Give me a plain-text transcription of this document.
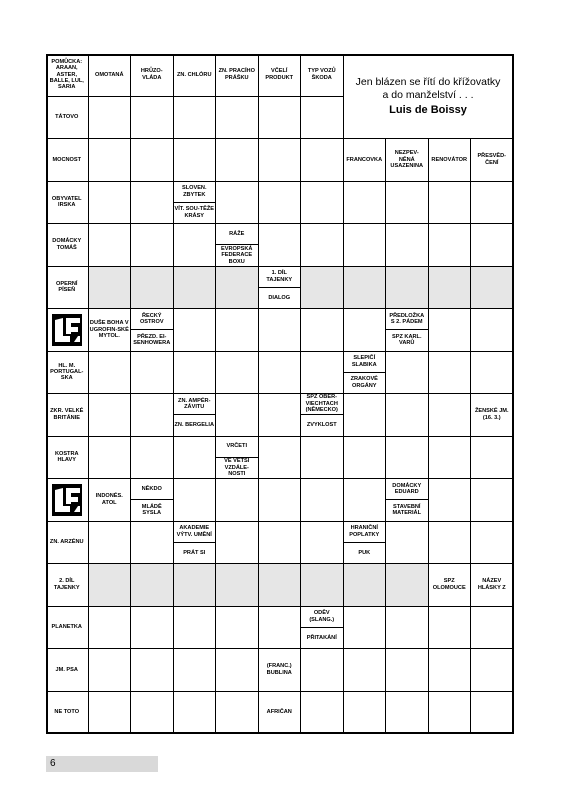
POMŮCKA: ARAAN, ASTER, BALLE, LUL, SARIA
OMOTANÁ
HRŮZO-VLÁDA
ZN. CHLÓRU
ZN. PRACÍHO PRÁŠKU
VČELÍ PRODUKT
TYP VOZŮ ŠKODA
TÁTOVO
MOCNOST	FRANCOVKA
NEZPEV-NĚNÁ USAZENINA
RENOVÁTOR
PŘESVĚD-ČENÍ
OBYVATEL IRSKA
SLOVEN. ZBYTEK
VÍT. SOU-TĚŽE KRÁSY
DOMÁCKY TOMÁŠ
RÁŽE
EVROPSKÁ FEDERACE BOXU
OPERNÍ PÍSEŇ
1. DÍL TAJENKY
DIALOG
DUŠE BOHA V UGROFIN-SKÉ MYTOL.
ŘECKÝ OSTROV
PŘEZD. EI-SENHOWERA
PŘEDLOŽKA S 2. PÁDEM
SPZ KARL. VARŮ
HL. M. PORTUGAL-SKA
SLEPIČÍ SLABIKA
ZRAKOVÉ ORGÁNY
ZKR. VELKÉ BRITÁNIE
ZN. AMPÉR-ZÁVITU
ZN. BERGELIA
SPZ OBER-VIECHTACH (NĚMECKO)
ZVYKLOST
ŽENSKÉ JM. (16. 3.)
KOSTRA HLAVY
VRČETI
VE VĚTŠÍ VZDÁLE-NOSTI
INDONÉS. ATOL
NĚKDO
MLÁDĚ SYSLA
DOMÁCKY EDUARD
STAVEBNÍ MATERIÁL
ZN. ARZÉNU
AKADEMIE VÝTV. UMĚNÍ
PRÁT SI
HRANIČNÍ POPLATKY
PUK
2. DÍL TAJENKY
SPZ OLOMOUCE
NÁZEV HLÁSKY Z
PLANETKA
ODĚV (SLANG.)
PŘITAKÁNÍ
JM. PSA
(FRANC.) BUBLINA
NE TOTO	AFRIČAN
Jen blázen se řítí do křížovatky
a do manželství . . .
Luis de Boissy
6
